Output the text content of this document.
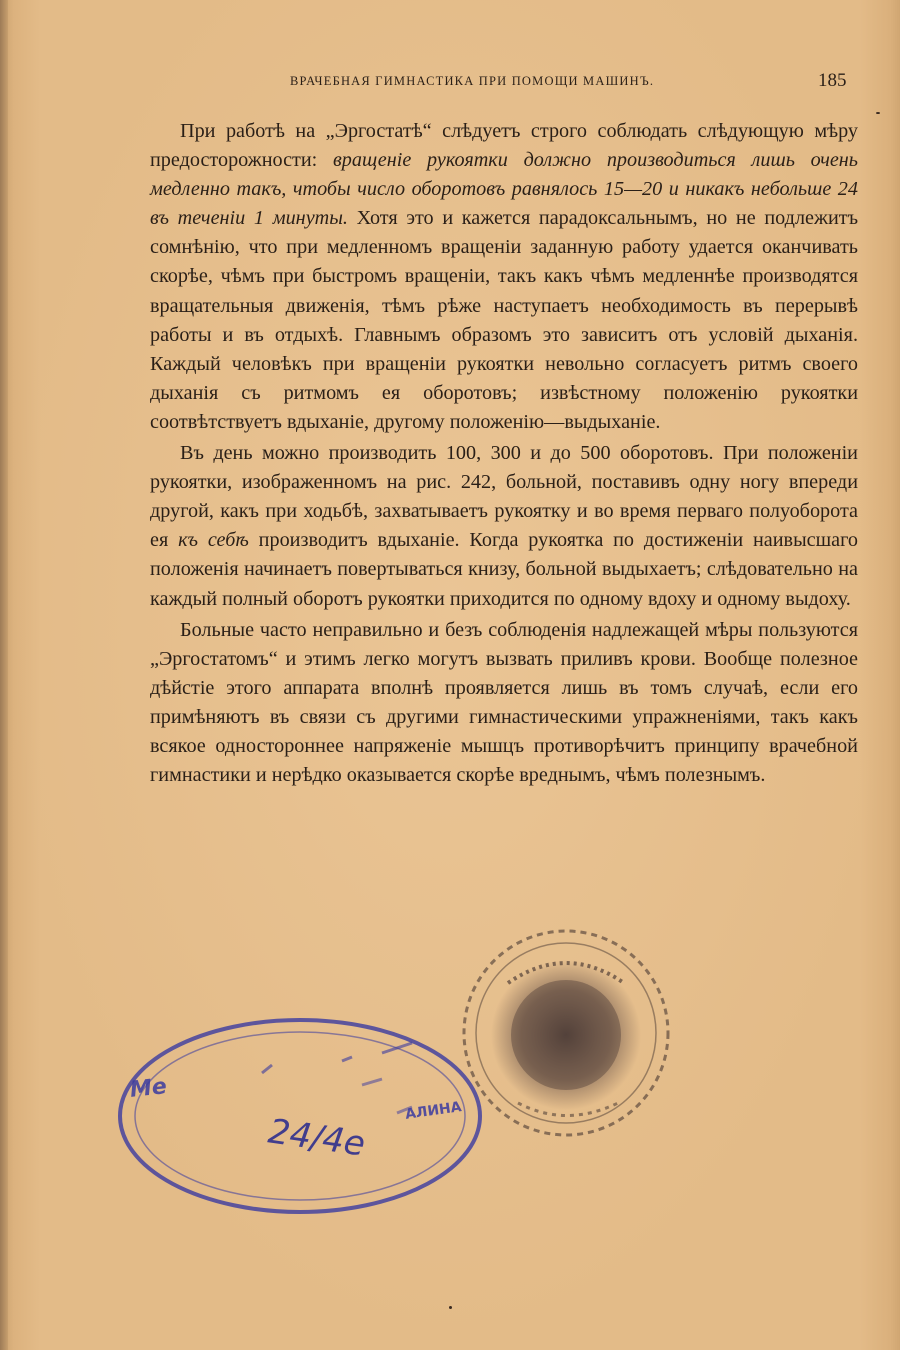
ВРАЧЕБНАЯ ГИМНАСТИКА ПРИ ПОМОЩИ МАШИНЪ.	185

При работѣ на „Эргостатѣ“ слѣдуетъ строго соблюдать слѣдующую мѣру предосторожности: вращеніе рукоятки должно производиться лишь очень медленно такъ, чтобы число оборотовъ равнялось 15—20 и никакъ небольше 24 въ теченіи 1 минуты. Хотя это и кажется парадоксальнымъ, но не подлежитъ сомнѣнію, что при медленномъ вращеніи заданную работу удается оканчивать скорѣе, чѣмъ при быстромъ вращеніи, такъ какъ чѣмъ медленнѣе производятся вращательныя движенія, тѣмъ рѣже наступаетъ необходимость въ перерывѣ работы и въ отдыхѣ. Главнымъ образомъ это зависитъ отъ условій дыханія. Каждый человѣкъ при вращеніи рукоятки невольно согласуетъ ритмъ своего дыханія съ ритмомъ ея оборотовъ; извѣстному положенію рукоятки соотвѣтствуетъ вдыханіе, другому положенію—выдыханіе.

Въ день можно производить 100, 300 и до 500 оборотовъ. При положеніи рукоятки, изображенномъ на рис. 242, больной, поставивъ одну ногу впереди другой, какъ при ходьбѣ, захватываетъ рукоятку и во время перваго полуоборота ея къ себѣ производитъ вдыханіе. Когда рукоятка по достиженіи наивысшаго положенія начинаетъ повертываться книзу, больной выдыхаетъ; слѣдовательно на каждый полный оборотъ рукоятки приходится по одному вдоху и одному выдоху.

Больные часто неправильно и безъ соблюденія надлежащей мѣры пользуются „Эргостатомъ“ и этимъ легко могутъ вызвать приливъ крови. Вообще полезное дѣйстіе этого аппарата вполнѣ проявляется лишь въ томъ случаѣ, если его примѣняютъ въ связи съ другими гимнастическими упражненіями, такъ какъ всякое одностороннее напряженіе мышцъ противорѣчитъ принципу врачебной гимнастики и нерѣдко оказывается скорѣе вреднымъ, чѣмъ полезнымъ.

Ме
АЛИНА
24/4е
